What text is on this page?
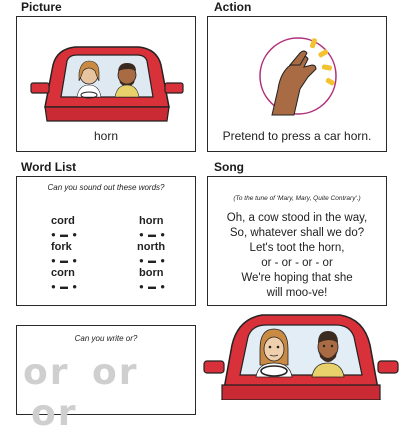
Picture	Action
Word List	Song
horn	Pretend to press a car horn.
Can you sound out these words?
cord
● ▬ ●
horn
● ▬ ●
fork
● ▬ ●
north
● ▬ ●
corn
● ▬ ●
born
● ▬ ●
(To the tune of 'Mary, Mary, Quite Contrary'.)
Oh, a cow stood in the way,
So, whatever shall we do?
Let's toot the horn,
or - or - or - or
We're hoping that she
will moo-ve!
Can you write or?
or or or
